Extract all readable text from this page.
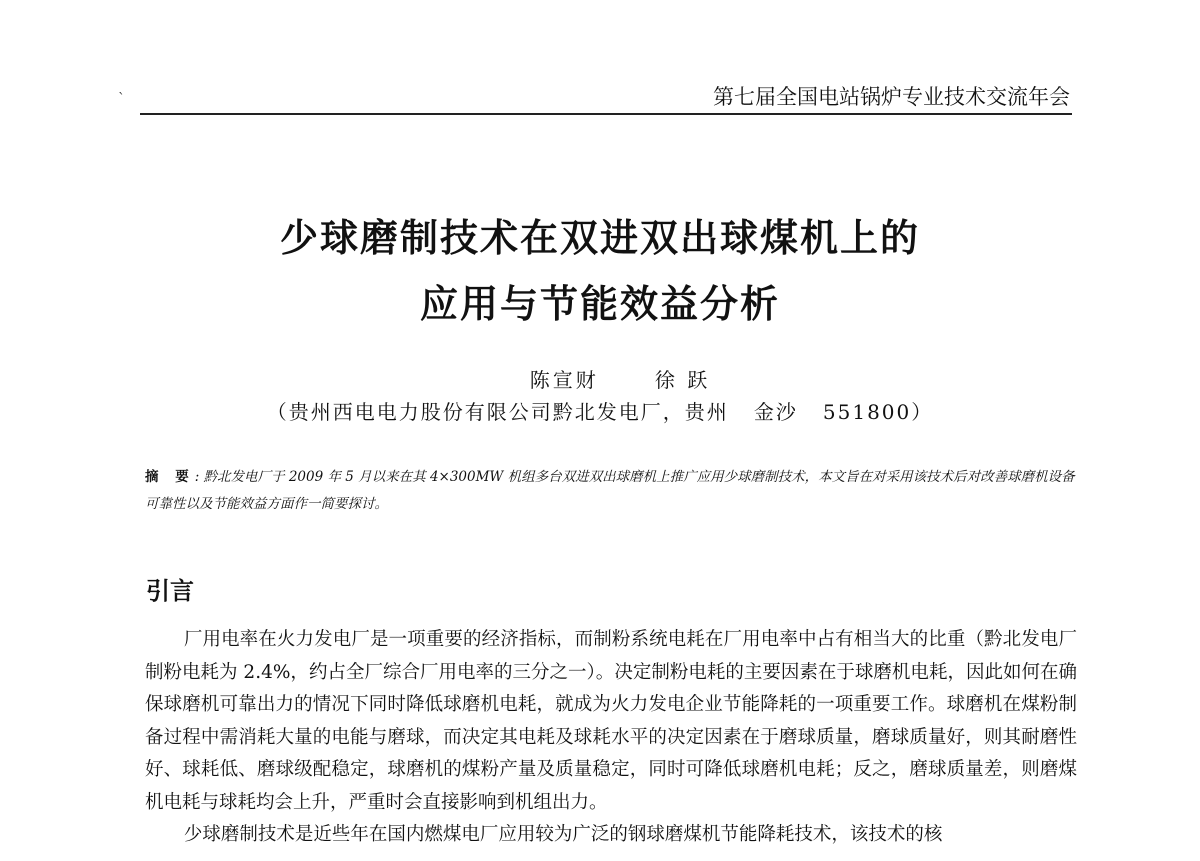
`	第七届全国电站锅炉专业技术交流年会
少球磨制技术在双进双出球煤机上的
应用与节能效益分析
陈宣财      徐 跃
（贵州西电电力股份有限公司黔北发电厂，贵州   金沙   551800）
摘 要: 黔北发电厂于 2009 年 5 月以来在其 4×300MW 机组多台双进双出球磨机上推广应用少球磨制技术，本文旨在对采用该技术后对改善球磨机设备可靠性以及节能效益方面作一简要探讨。
引言

厂用电率在火力发电厂是一项重要的经济指标，而制粉系统电耗在厂用电率中占有相当大的比重（黔北发电厂制粉电耗为 2.4%，约占全厂综合厂用电率的三分之一）。决定制粉电耗的主要因素在于球磨机电耗，因此如何在确保球磨机可靠出力的情况下同时降低球磨机电耗，就成为火力发电企业节能降耗的一项重要工作。球磨机在煤粉制备过程中需消耗大量的电能与磨球，而决定其电耗及球耗水平的决定因素在于磨球质量，磨球质量好，则其耐磨性好、球耗低、磨球级配稳定，球磨机的煤粉产量及质量稳定，同时可降低球磨机电耗；反之，磨球质量差，则磨煤机电耗与球耗均会上升，严重时会直接影响到机组出力。

少球磨制技术是近些年在国内燃煤电厂应用较为广泛的钢球磨煤机节能降耗技术，该技术的核
